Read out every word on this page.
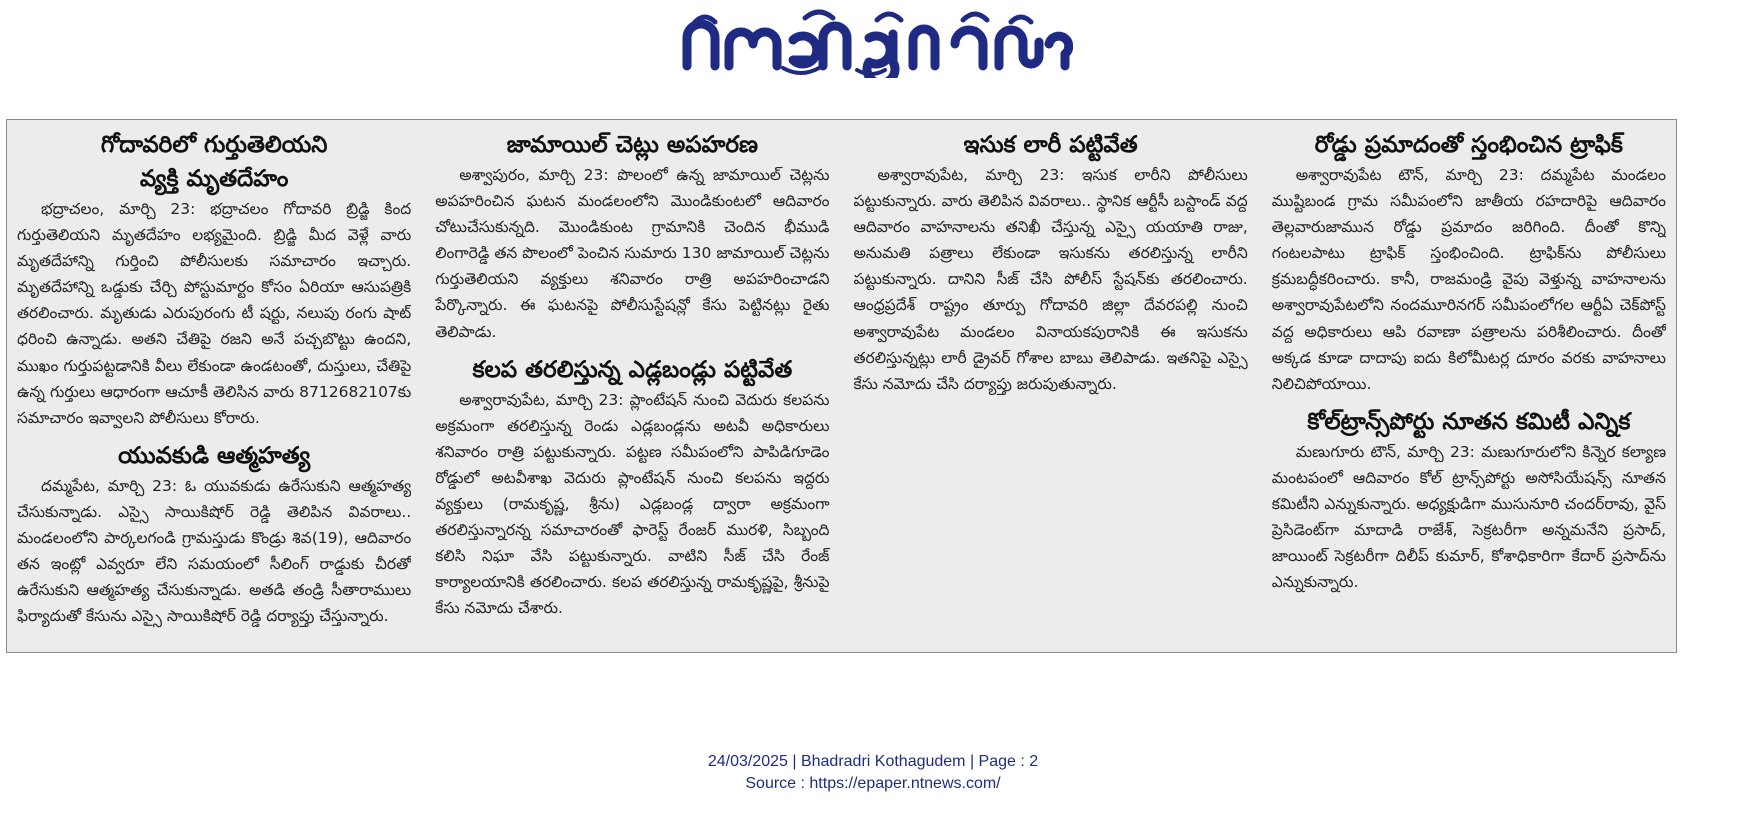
గోదావరిలో గుర్తుతెలియని
వ్యక్తి మృతదేహం

భద్రాచలం, మార్చి 23: భద్రాచలం గోదావరి బ్రిడ్జి కింద గుర్తుతెలియని మృతదేహం లభ్యమైంది. బ్రిడ్జి మీద వెళ్లే వారు మృతదేహాన్ని గుర్తించి పోలీసులకు సమాచారం ఇచ్చారు. మృతదేహాన్ని ఒడ్డుకు చేర్చి పోస్టుమార్టం కోసం ఏరియా ఆసుపత్రికి తరలించారు. మృతుడు ఎరుపురంగు టీ షర్టు, నలుపు రంగు షాట్ ధరించి ఉన్నాడు. అతని చేతిపై రజని అనే పచ్చబొట్టు ఉందని, ముఖం గుర్తుపట్టడానికి వీలు లేకుండా ఉండటంతో, దుస్తులు, చేతిపై ఉన్న గుర్తులు ఆధారంగా ఆచూకీ తెలిసిన వారు 8712682107కు సమాచారం ఇవ్వాలని పోలీసులు కోరారు.

యువకుడి ఆత్మహత్య

దమ్మపేట, మార్చి 23: ఓ యువకుడు ఉరేసుకుని ఆత్మహత్య చేసుకున్నాడు. ఎస్సై సాయికిషోర్ రెడ్డి తెలిపిన వివరాలు.. మండలంలోని పార్కలగండి గ్రామస్తుడు కొండ్రు శివ(19), ఆదివారం తన ఇంట్లో ఎవ్వరూ లేని సమయంలో సీలింగ్ రాడ్డుకు చీరతో ఉరేసుకుని ఆత్మహత్య చేసుకున్నాడు. అతడి తండ్రి సీతారాములు ఫిర్యాదుతో కేసును ఎస్సై సాయికిషోర్ రెడ్డి దర్యాప్తు చేస్తున్నారు.

జామాయిల్ చెట్లు అపహరణ

అశ్వాపురం, మార్చి 23: పొలంలో ఉన్న జామాయిల్ చెట్లను అపహరించిన ఘటన మండలంలోని మొండికుంటలో ఆదివారం చోటుచేసుకున్నది. మొండికుంట గ్రామానికి చెందిన భీముడి లింగారెడ్డి తన పొలంలో పెంచిన సుమారు 130 జామాయిల్ చెట్లను గుర్తుతెలియని వ్యక్తులు శనివారం రాత్రి అపహరించాడని పేర్కొన్నారు. ఈ ఘటనపై పోలీసుస్టేషన్లో కేసు పెట్టినట్లు రైతు తెలిపాడు.

కలప తరలిస్తున్న ఎడ్లబండ్లు పట్టివేత

అశ్వారావుపేట, మార్చి 23: ప్లాంటేషన్ నుంచి వెదురు కలపను అక్రమంగా తరలిస్తున్న రెండు ఎడ్లబండ్లను అటవీ అధికారులు శనివారం రాత్రి పట్టుకున్నారు. పట్టణ సమీపంలోని పాపిడిగూడెం రోడ్డులో అటవీశాఖ వెదురు ప్లాంటేషన్ నుంచి కలపను ఇద్దరు వ్యక్తులు (రామకృష్ణ, శ్రీను) ఎడ్లబండ్ల ద్వారా అక్రమంగా తరలిస్తున్నారన్న సమాచారంతో ఫారెస్ట్ రేంజర్ మురళి, సిబ్బంది కలిసి నిఘా వేసి పట్టుకున్నారు. వాటిని సీజ్ చేసి రేంజ్ కార్యాలయానికి తరలించారు. కలప తరలిస్తున్న రామకృష్ణపై, శ్రీనుపై కేసు నమోదు చేశారు.

ఇసుక లారీ పట్టివేత

అశ్వారావుపేట, మార్చి 23: ఇసుక లారీని పోలీసులు పట్టుకున్నారు. వారు తెలిపిన వివరాలు.. స్థానిక ఆర్టీసీ బస్టాండ్ వద్ద ఆదివారం వాహనాలను తనిఖీ చేస్తున్న ఎస్సై యయాతి రాజు, అనుమతి పత్రాలు లేకుండా ఇసుకను తరలిస్తున్న లారీని పట్టుకున్నారు. దానిని సీజ్ చేసి పోలీస్ స్టేషన్‌కు తరలించారు. ఆంధ్రప్రదేశ్ రాష్ట్రం తూర్పు గోదావరి జిల్లా దేవరపల్లి నుంచి అశ్వారావుపేట మండలం వినాయకపురానికి ఈ ఇసుకను తరలిస్తున్నట్లు లారీ డ్రైవర్ గోశాల బాబు తెలిపాడు. ఇతనిపై ఎస్సై కేసు నమోదు చేసి దర్యాప్తు జరుపుతున్నారు.

రోడ్డు ప్రమాదంతో స్తంభించిన ట్రాఫిక్

అశ్వారావుపేట టౌన్, మార్చి 23: దమ్మపేట మండలం ముష్టిబండ గ్రామ సమీపంలోని జాతీయ రహదారిపై ఆదివారం తెల్లవారుజామున రోడ్డు ప్రమాదం జరిగింది. దీంతో కొన్ని గంటలపాటు ట్రాఫిక్ స్తంభించింది. ట్రాఫిక్‌ను పోలీసులు క్రమబద్ధీకరించారు. కానీ, రాజమండ్రి వైపు వెళ్తున్న వాహనాలను అశ్వారావుపేటలోని నందమూరినగర్ సమీపంలోగల ఆర్టీఏ చెక్‌పోస్ట్ వద్ద అధికారులు ఆపి రవాణా పత్రాలను పరిశీలించారు. దీంతో అక్కడ కూడా దాదాపు ఐదు కిలోమీటర్ల దూరం వరకు వాహనాలు నిలిచిపోయాయి.

కోల్‌ట్రాన్స్‌పోర్టు నూతన కమిటీ ఎన్నిక

మణుగూరు టౌన్, మార్చి 23: మణుగూరులోని కిన్నెర కల్యాణ మంటపంలో ఆదివారం కోల్ ట్రాన్స్‌పోర్టు అసోసియేషన్స్ నూతన కమిటీని ఎన్నుకున్నారు. అధ్యక్షుడిగా ముసునూరి చందర్‌రావు, వైస్ ప్రెసిడెంట్‌గా మాదాడి రాజేశ్, సెక్రటరీగా అన్నమనేని ప్రసాద్, జాయింట్ సెక్రటరీగా దిలీప్ కుమార్, కోశాధికారిగా కేదార్ ప్రసాద్‌ను ఎన్నుకున్నారు.

24/03/2025 | Bhadradri Kothagudem | Page : 2
Source : https://epaper.ntnews.com/
